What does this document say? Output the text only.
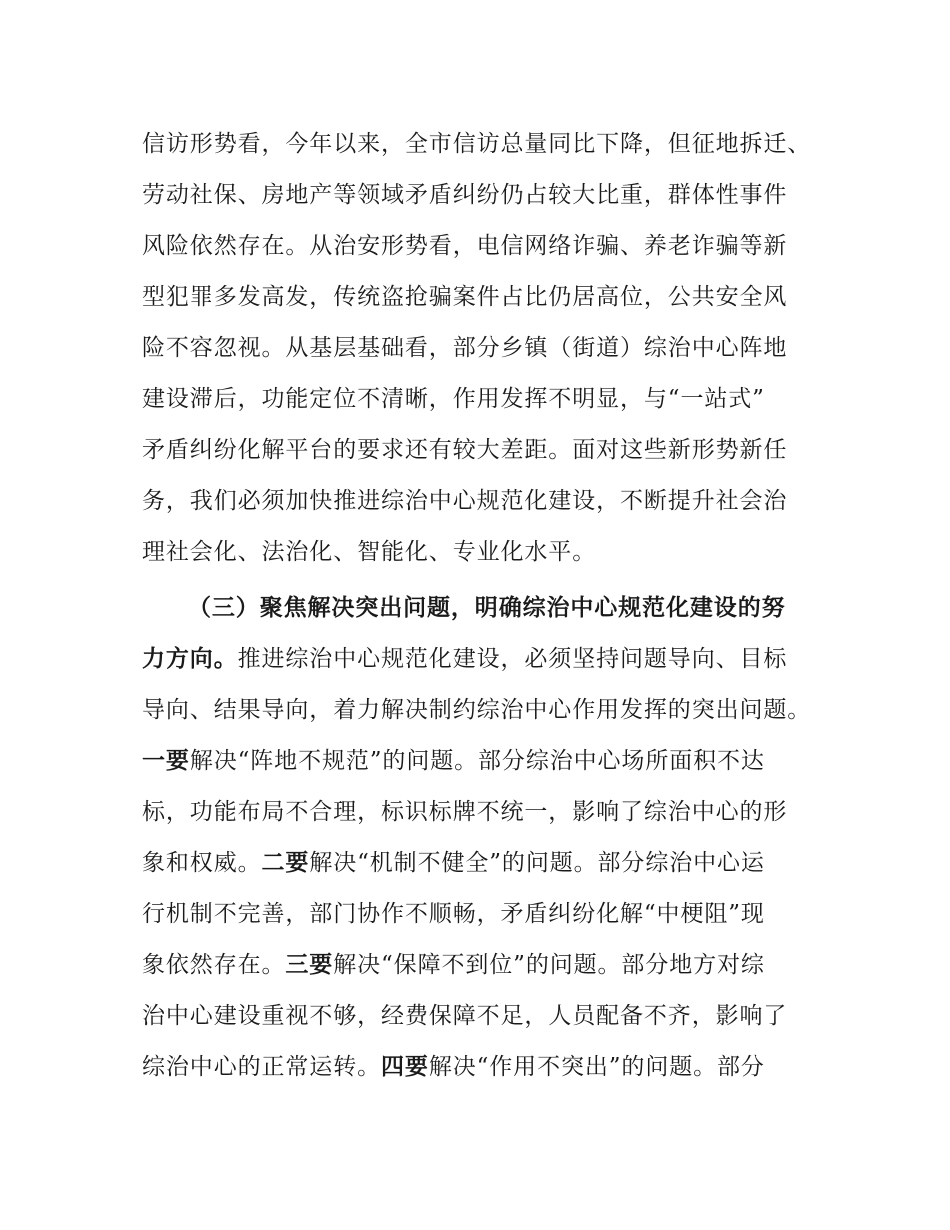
信访形势看，今年以来，全市信访总量同比下降，但征地拆迁、
劳动社保、房地产等领域矛盾纠纷仍占较大比重，群体性事件
风险依然存在。从治安形势看，电信网络诈骗、养老诈骗等新
型犯罪多发高发，传统盗抢骗案件占比仍居高位，公共安全风
险不容忽视。从基层基础看，部分乡镇（街道）综治中心阵地
建设滞后，功能定位不清晰，作用发挥不明显，与“一站式”
矛盾纠纷化解平台的要求还有较大差距。面对这些新形势新任
务，我们必须加快推进综治中心规范化建设，不断提升社会治
理社会化、法治化、智能化、专业化水平。
（三）聚焦解决突出问题，明确综治中心规范化建设的努
力方向。推进综治中心规范化建设，必须坚持问题导向、目标
导向、结果导向，着力解决制约综治中心作用发挥的突出问题。
一要解决“阵地不规范”的问题。部分综治中心场所面积不达
标，功能布局不合理，标识标牌不统一，影响了综治中心的形
象和权威。二要解决“机制不健全”的问题。部分综治中心运
行机制不完善，部门协作不顺畅，矛盾纠纷化解“中梗阻”现
象依然存在。三要解决“保障不到位”的问题。部分地方对综
治中心建设重视不够，经费保障不足，人员配备不齐，影响了
综治中心的正常运转。四要解决“作用不突出”的问题。部分
